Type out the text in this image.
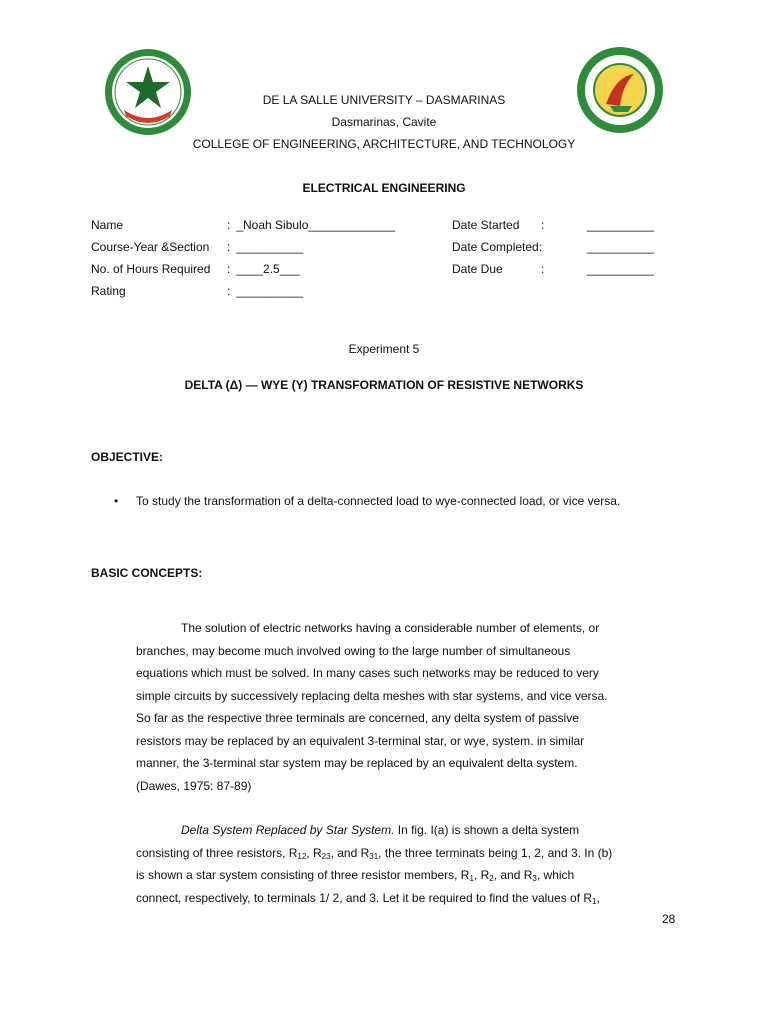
DE LA SALLE UNIVERSITY – DASMARINAS
Dasmarinas, Cavite
COLLEGE OF ENGINEERING, ARCHITECTURE, AND TECHNOLOGY
ELECTRICAL ENGINEERING
Name	: _Noah Sibulo_____________
Course-Year &Section : __________
No. of Hours Required : ____2.5___
Rating	: __________
Date Started :	__________
Date Completed:	__________
Date Due	:	__________
Experiment 5
DELTA (Δ) — WYE (Y) TRANSFORMATION OF RESISTIVE NETWORKS
OBJECTIVE:
• To study the transformation of a delta-connected load to wye-connected load, or vice versa.
BASIC CONCEPTS:

The solution of electric networks having a considerable number of elements, or branches, may become much involved owing to the large number of simultaneous equations which must be solved. In many cases such networks may be reduced to very simple circuits by successively replacing delta meshes with star systems, and vice versa. So far as the respective three terminals are concerned, any delta system of passive resistors may be replaced by an equivalent 3-terminal star, or wye, system. in similar manner, the 3-terminal star system may be replaced by an equivalent delta system. (Dawes, 1975: 87-89)

Delta System Replaced by Star System. In fig. I(a) is shown a delta system consisting of three resistors, $R_{12}$, $R_{23}$, and $R_{31}$, the three terminats being 1, 2, and 3. In (b) is shown a star system consisting of three resistor members, $R_1$, $R_2$, and $R_3$, which connect, respectively, to terminals 1/ 2, and 3. Let it be required to find the values of $R_1$,

28
